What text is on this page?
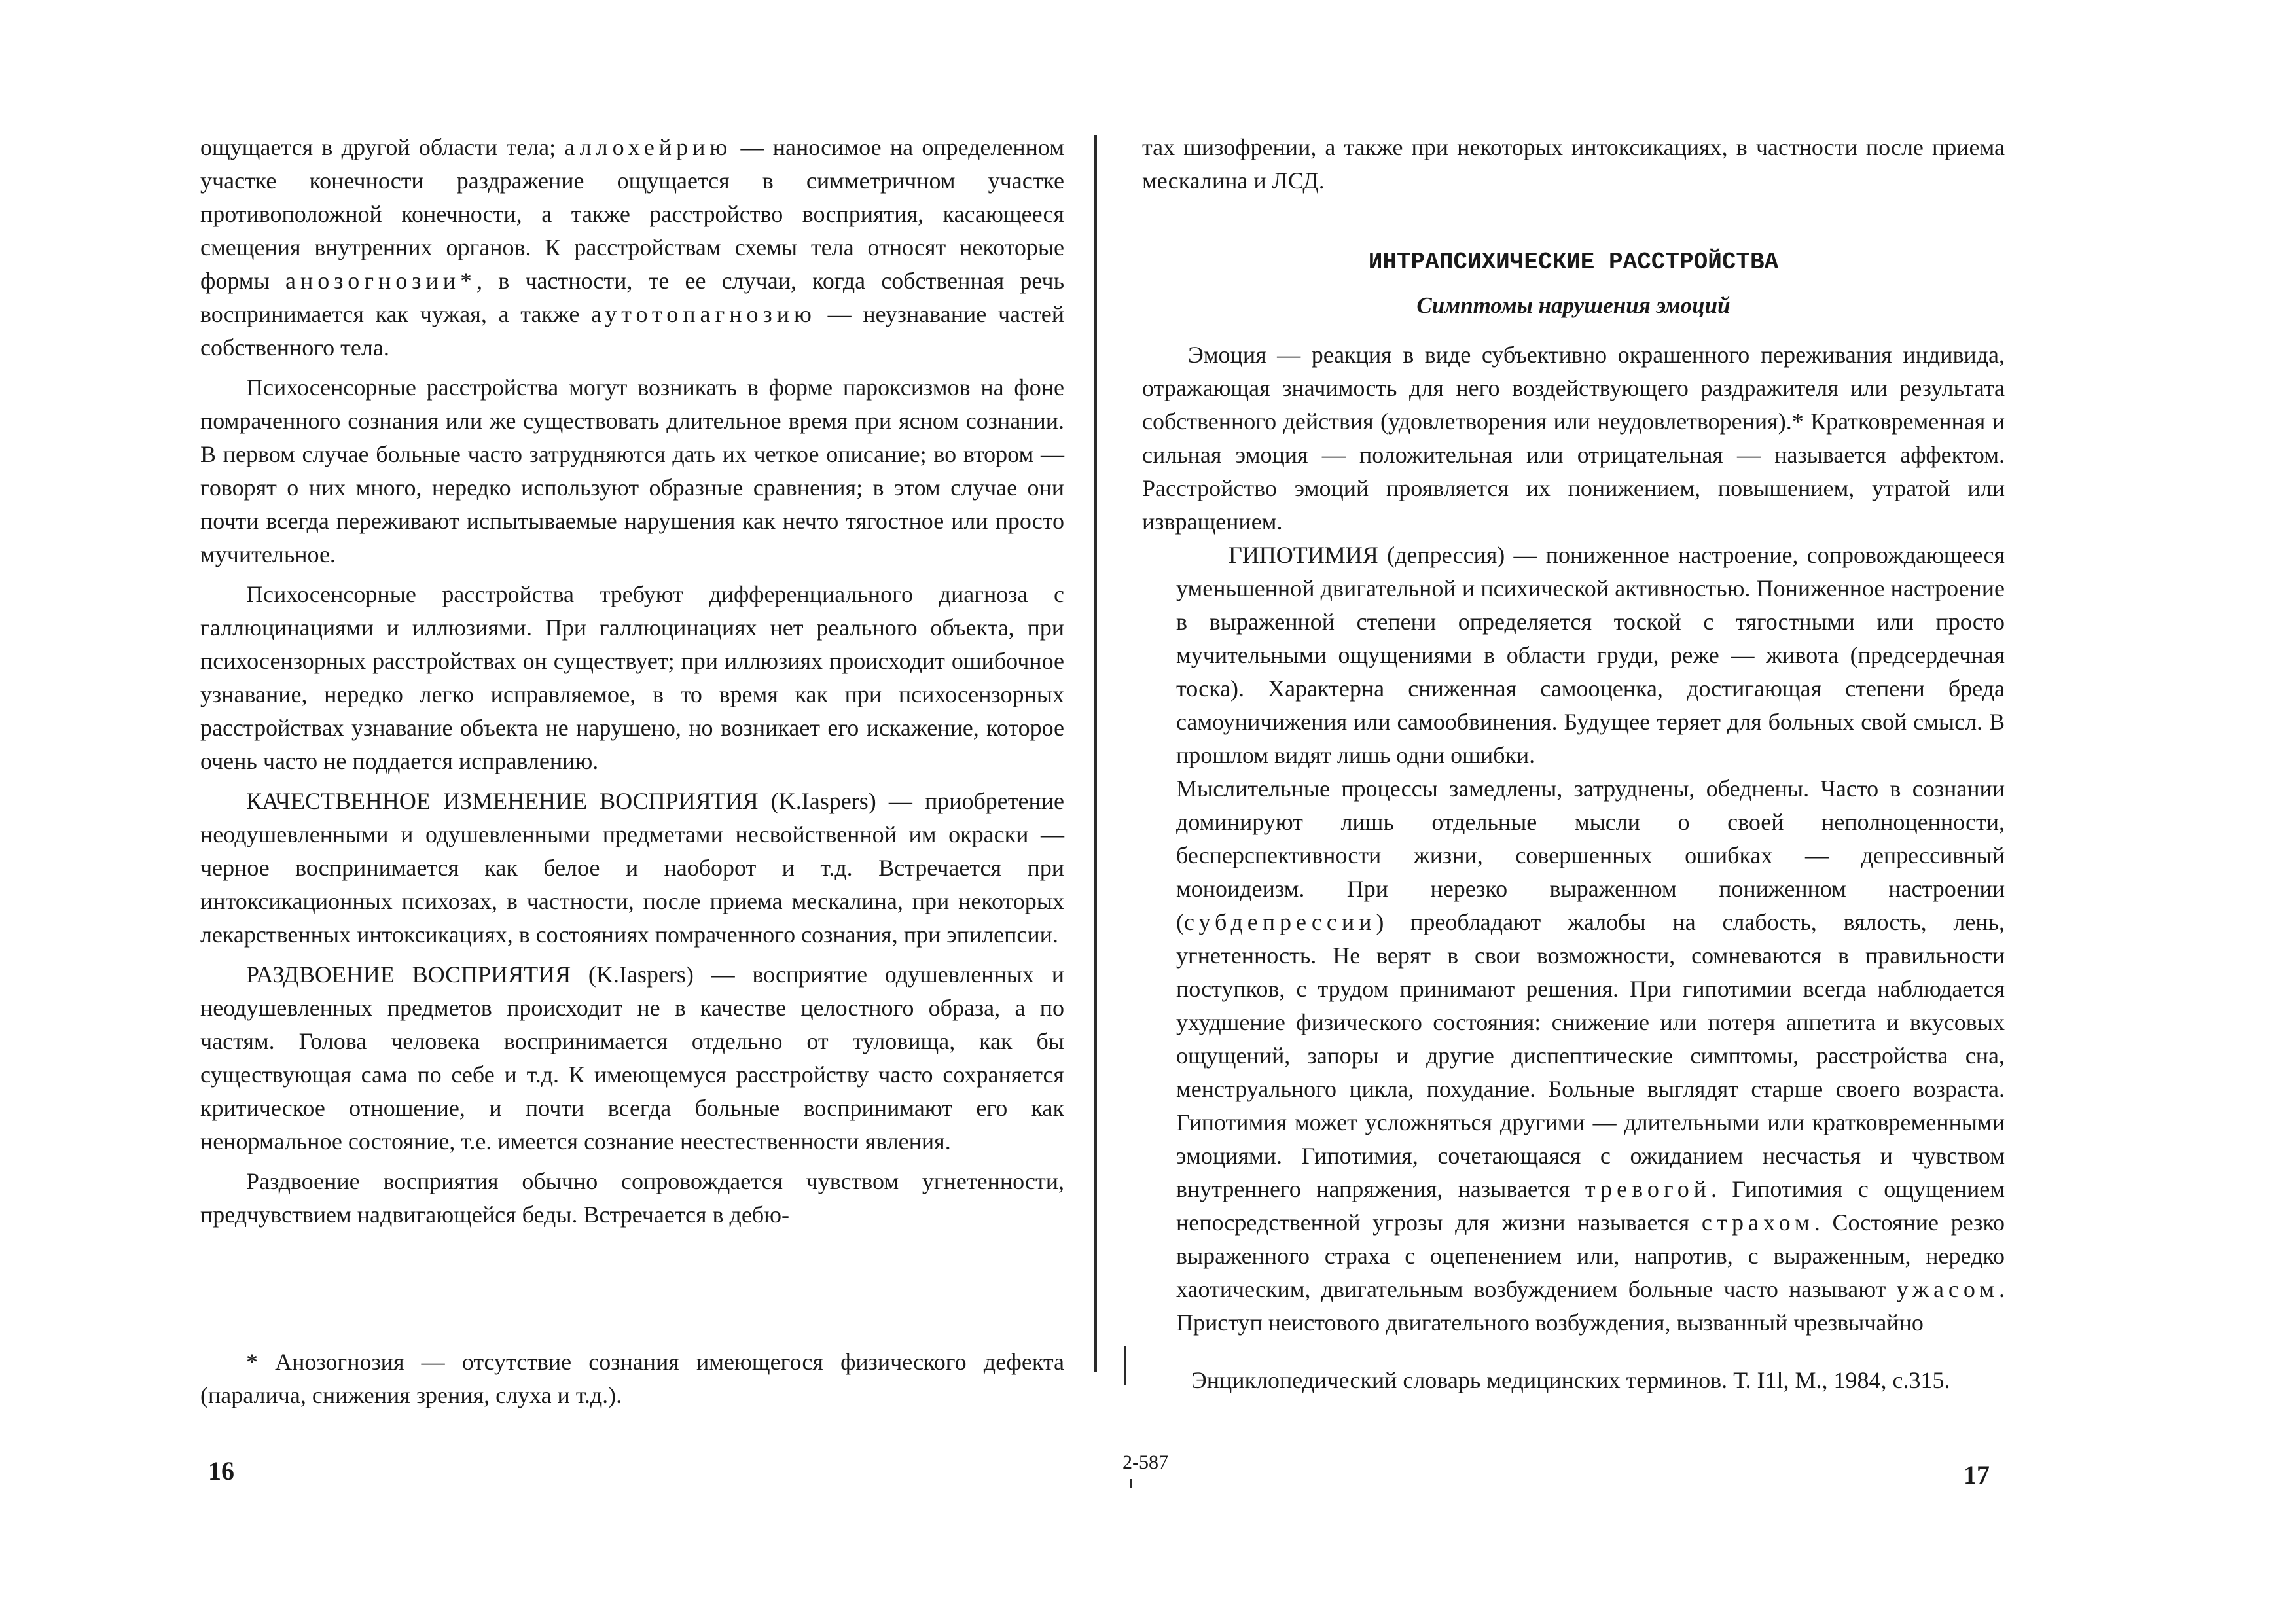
ощущается в другой области тела; аллохейрию — наносимое на определенном участке конечности раздражение ощущается в симметричном участке противоположной конечности, а также расстройство восприятия, касающееся смещения внутренних органов. К расстройствам схемы тела относят некоторые формы анозогнозии*, в частности, те ее случаи, когда собственная речь воспринимается как чужая, а также аутотопагнозию — неузнавание частей собственного тела.

Психосенсорные расстройства могут возникать в форме пароксизмов на фоне помраченного сознания или же существовать длительное время при ясном сознании. В первом случае больные часто затрудняются дать их четкое описание; во втором — говорят о них много, нередко используют образные сравнения; в этом случае они почти всегда переживают испытываемые нарушения как нечто тягостное или просто мучительное.

Психосенсорные расстройства требуют дифференциального диагноза с галлюцинациями и иллюзиями. При галлюцинациях нет реального объекта, при психосензорных расстройствах он существует; при иллюзиях происходит ошибочное узнавание, нередко легко исправляемое, в то время как при психосензорных расстройствах узнавание объекта не нарушено, но возникает его искажение, которое очень часто не поддается исправлению.

КАЧЕСТВЕННОЕ ИЗМЕНЕНИЕ ВОСПРИЯТИЯ (K.Iaspers) — приобретение неодушевленными и одушевленными предметами несвойственной им окраски — черное воспринимается как белое и наоборот и т.д. Встречается при интоксикационных психозах, в частности, после приема мескалина, при некоторых лекарственных интоксикациях, в состояниях помраченного сознания, при эпилепсии.

РАЗДВОЕНИЕ ВОСПРИЯТИЯ (K.Iaspers) — восприятие одушевленных и неодушевленных предметов происходит не в качестве целостного образа, а по частям. Голова человека воспринимается отдельно от туловища, как бы существующая сама по себе и т.д. К имеющемуся расстройству часто сохраняется критическое отношение, и почти всегда больные воспринимают его как ненормальное состояние, т.е. имеется сознание неестественности явления.

Раздвоение восприятия обычно сопровождается чувством угнетенности, предчувствием надвигающейся беды. Встречается в дебю-

* Анозогнозия — отсутствие сознания имеющегося физического дефекта (паралича, снижения зрения, слуха и т.д.).

16

тах шизофрении, а также при некоторых интоксикациях, в частности после приема мескалина и ЛСД.

ИНТРАПСИХИЧЕСКИЕ РАССТРОЙСТВА
Симптомы нарушения эмоций

Эмоция — реакция в виде субъективно окрашенного переживания индивида, отражающая значимость для него воздействующего раздражителя или результата собственного действия (удовлетворения или неудовлетворения).* Кратковременная и сильная эмоция — положительная или отрицательная — называется аффектом. Расстройство эмоций проявляется их понижением, повышением, утратой или извращением.

ГИПОТИМИЯ (депрессия) — пониженное настроение, сопровождающееся уменьшенной двигательной и психической активностью. Пониженное настроение в выраженной степени определяется тоской с тягостными или просто мучительными ощущениями в области груди, реже — живота (предсердечная тоска). Характерна сниженная самооценка, достигающая степени бреда самоуничижения или самообвинения. Будущее теряет для больных свой смысл. В прошлом видят лишь одни ошибки.

Мыслительные процессы замедлены, затруднены, обеднены. Часто в сознании доминируют лишь отдельные мысли о своей неполноценности, бесперспективности жизни, совершенных ошибках — депрессивный моноидеизм. При нерезко выраженном пониженном настроении (субдепрессии) преобладают жалобы на слабость, вялость, лень, угнетенность. Не верят в свои возможности, сомневаются в правильности поступков, с трудом принимают решения. При гипотимии всегда наблюдается ухудшение физического состояния: снижение или потеря аппетита и вкусовых ощущений, запоры и другие диспептические симптомы, расстройства сна, менструального цикла, похудание. Больные выглядят старше своего возраста. Гипотимия может усложняться другими — длительными или кратковременными эмоциями. Гипотимия, сочетающаяся с ожиданием несчастья и чувством внутреннего напряжения, называется тревогой. Гипотимия с ощущением непосредственной угрозы для жизни называется страхом. Состояние резко выраженного страха с оцепенением или, напротив, с выраженным, нередко хаотическим, двигательным возбуждением больные часто называют ужасом. Приступ неистового двигательного возбуждения, вызванный чрезвычайно

Энциклопедический словарь медицинских терминов. Т. I1l, М., 1984, с.315.

2-587	17
